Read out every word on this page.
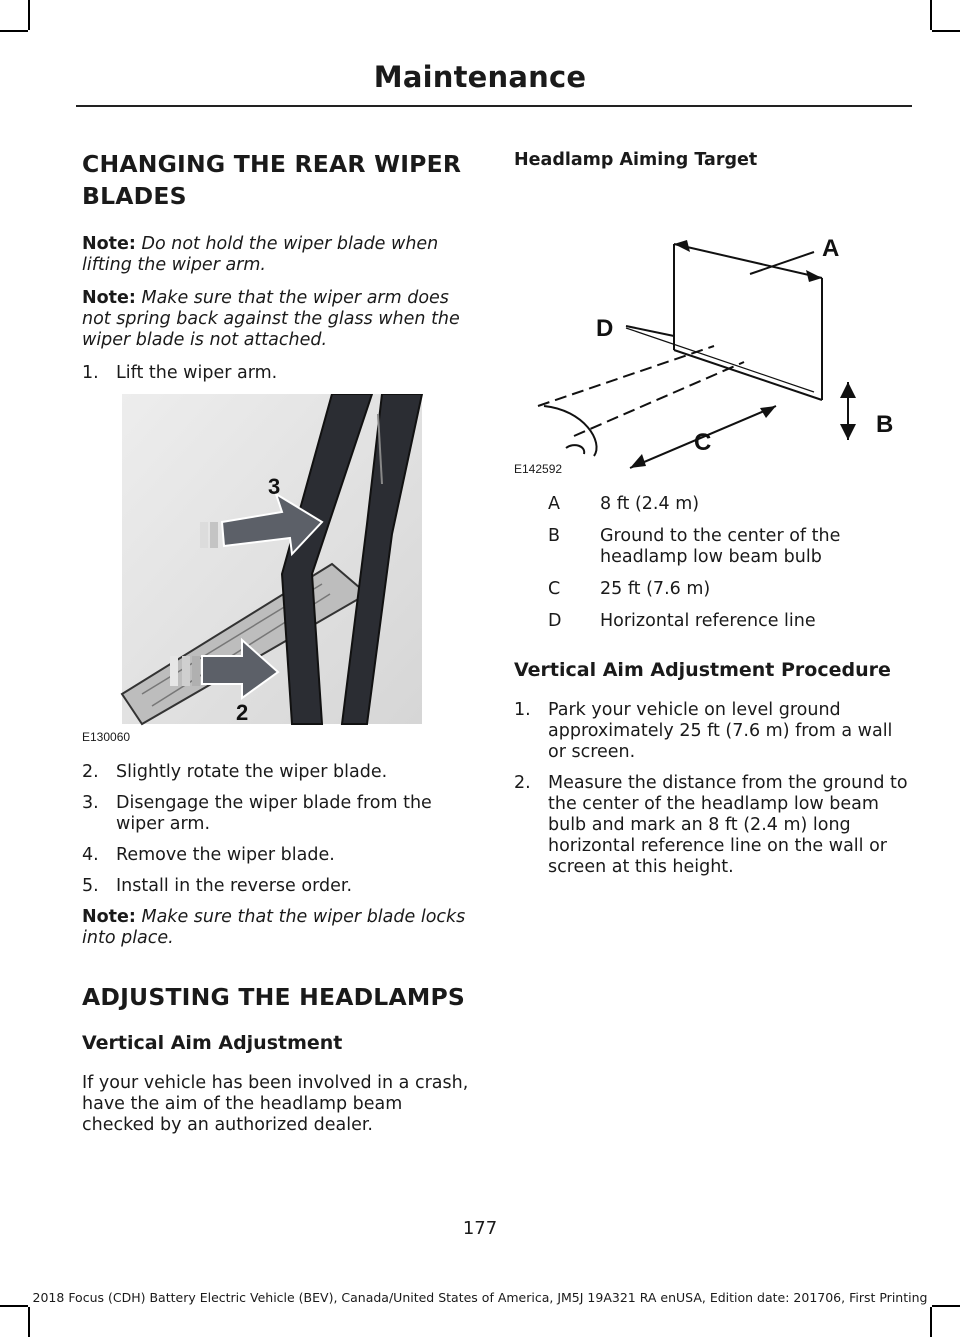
Maintenance
CHANGING THE REAR WIPER BLADES

Note: Do not hold the wiper blade when lifting the wiper arm.

Note: Make sure that the wiper arm does not spring back against the glass when the wiper blade is not attached.

1. Lift the wiper arm.
3
2
E130060
2. Slightly rotate the wiper blade.
3. Disengage the wiper blade from the wiper arm.
4. Remove the wiper blade.
5. Install in the reverse order.

Note: Make sure that the wiper blade locks into place.

ADJUSTING THE HEADLAMPS
Vertical Aim Adjustment

If your vehicle has been involved in a crash, have the aim of the headlamp beam checked by an authorized dealer.

Headlamp Aiming Target
A
B
C
D
E142592
A 8 ft (2.4 m)
B Ground to the center of the headlamp low beam bulb
C 25 ft (7.6 m)
D Horizontal reference line
Vertical Aim Adjustment Procedure
1. Park your vehicle on level ground approximately 25 ft (7.6 m) from a wall or screen.
2. Measure the distance from the ground to the center of the headlamp low beam bulb and mark an 8 ft (2.4 m) long horizontal reference line on the wall or screen at this height.
177
2018 Focus (CDH) Battery Electric Vehicle (BEV), Canada/United States of America, JM5J 19A321 RA enUSA, Edition date: 201706, First Printing
